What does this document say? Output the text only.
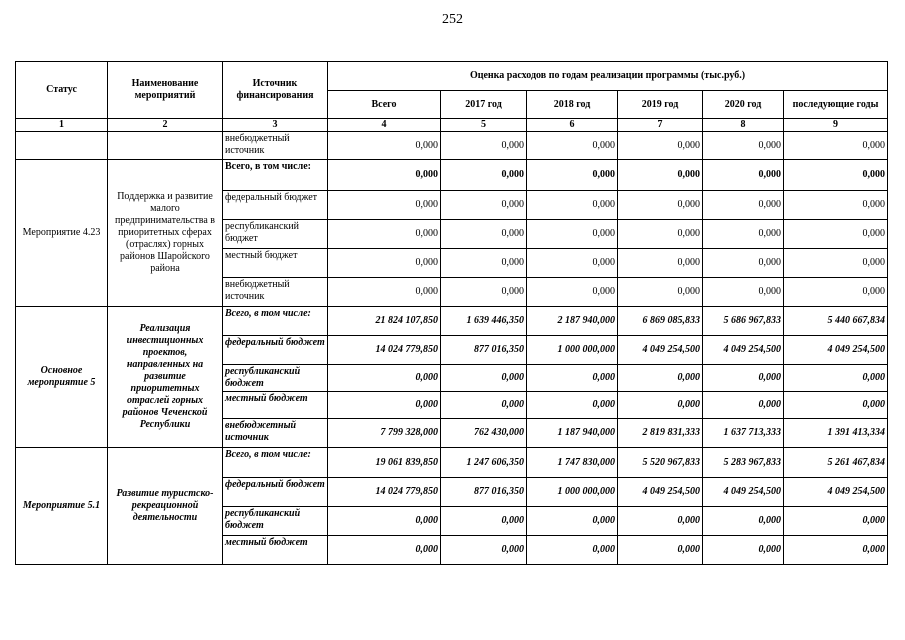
252
Статус	Наименование мероприятий	Источник финансирования	Оценка расходов по годам реализации программы (тыс.руб.)					
			Всего	2017 год	2018 год	2019 год	2020 год	последующие годы
1	2	3	4	5	6	7	8	9
		внебюджетный источник	0,000	0,000	0,000	0,000	0,000	0,000
Мероприятие 4.23	Поддержка и развитие малого предпринимательства в приоритетных сферах (отраслях) горных районов Шаройского района	Всего, в том числе:	0,000	0,000	0,000	0,000	0,000	0,000
		федеральный бюджет	0,000	0,000	0,000	0,000	0,000	0,000
		республиканский бюджет	0,000	0,000	0,000	0,000	0,000	0,000
		местный бюджет	0,000	0,000	0,000	0,000	0,000	0,000
		внебюджетный источник	0,000	0,000	0,000	0,000	0,000	0,000
Основное мероприятие 5	Реализация инвестиционных проектов, направленных на развитие приоритетных отраслей горных районов Чеченской Республики	Всего, в том числе:	21 824 107,850	1 639 446,350	2 187 940,000	6 869 085,833	5 686 967,833	5 440 667,834
		федеральный бюджет	14 024 779,850	877 016,350	1 000 000,000	4 049 254,500	4 049 254,500	4 049 254,500
		республиканский бюджет	0,000	0,000	0,000	0,000	0,000	0,000
		местный бюджет	0,000	0,000	0,000	0,000	0,000	0,000
		внебюджетный источник	7 799 328,000	762 430,000	1 187 940,000	2 819 831,333	1 637 713,333	1 391 413,334
Мероприятие 5.1	Развитие туристско-рекреационной деятельности	Всего, в том числе:	19 061 839,850	1 247 606,350	1 747 830,000	5 520 967,833	5 283 967,833	5 261 467,834
		федеральный бюджет	14 024 779,850	877 016,350	1 000 000,000	4 049 254,500	4 049 254,500	4 049 254,500
		республиканский бюджет	0,000	0,000	0,000	0,000	0,000	0,000
		местный бюджет	0,000	0,000	0,000	0,000	0,000	0,000
